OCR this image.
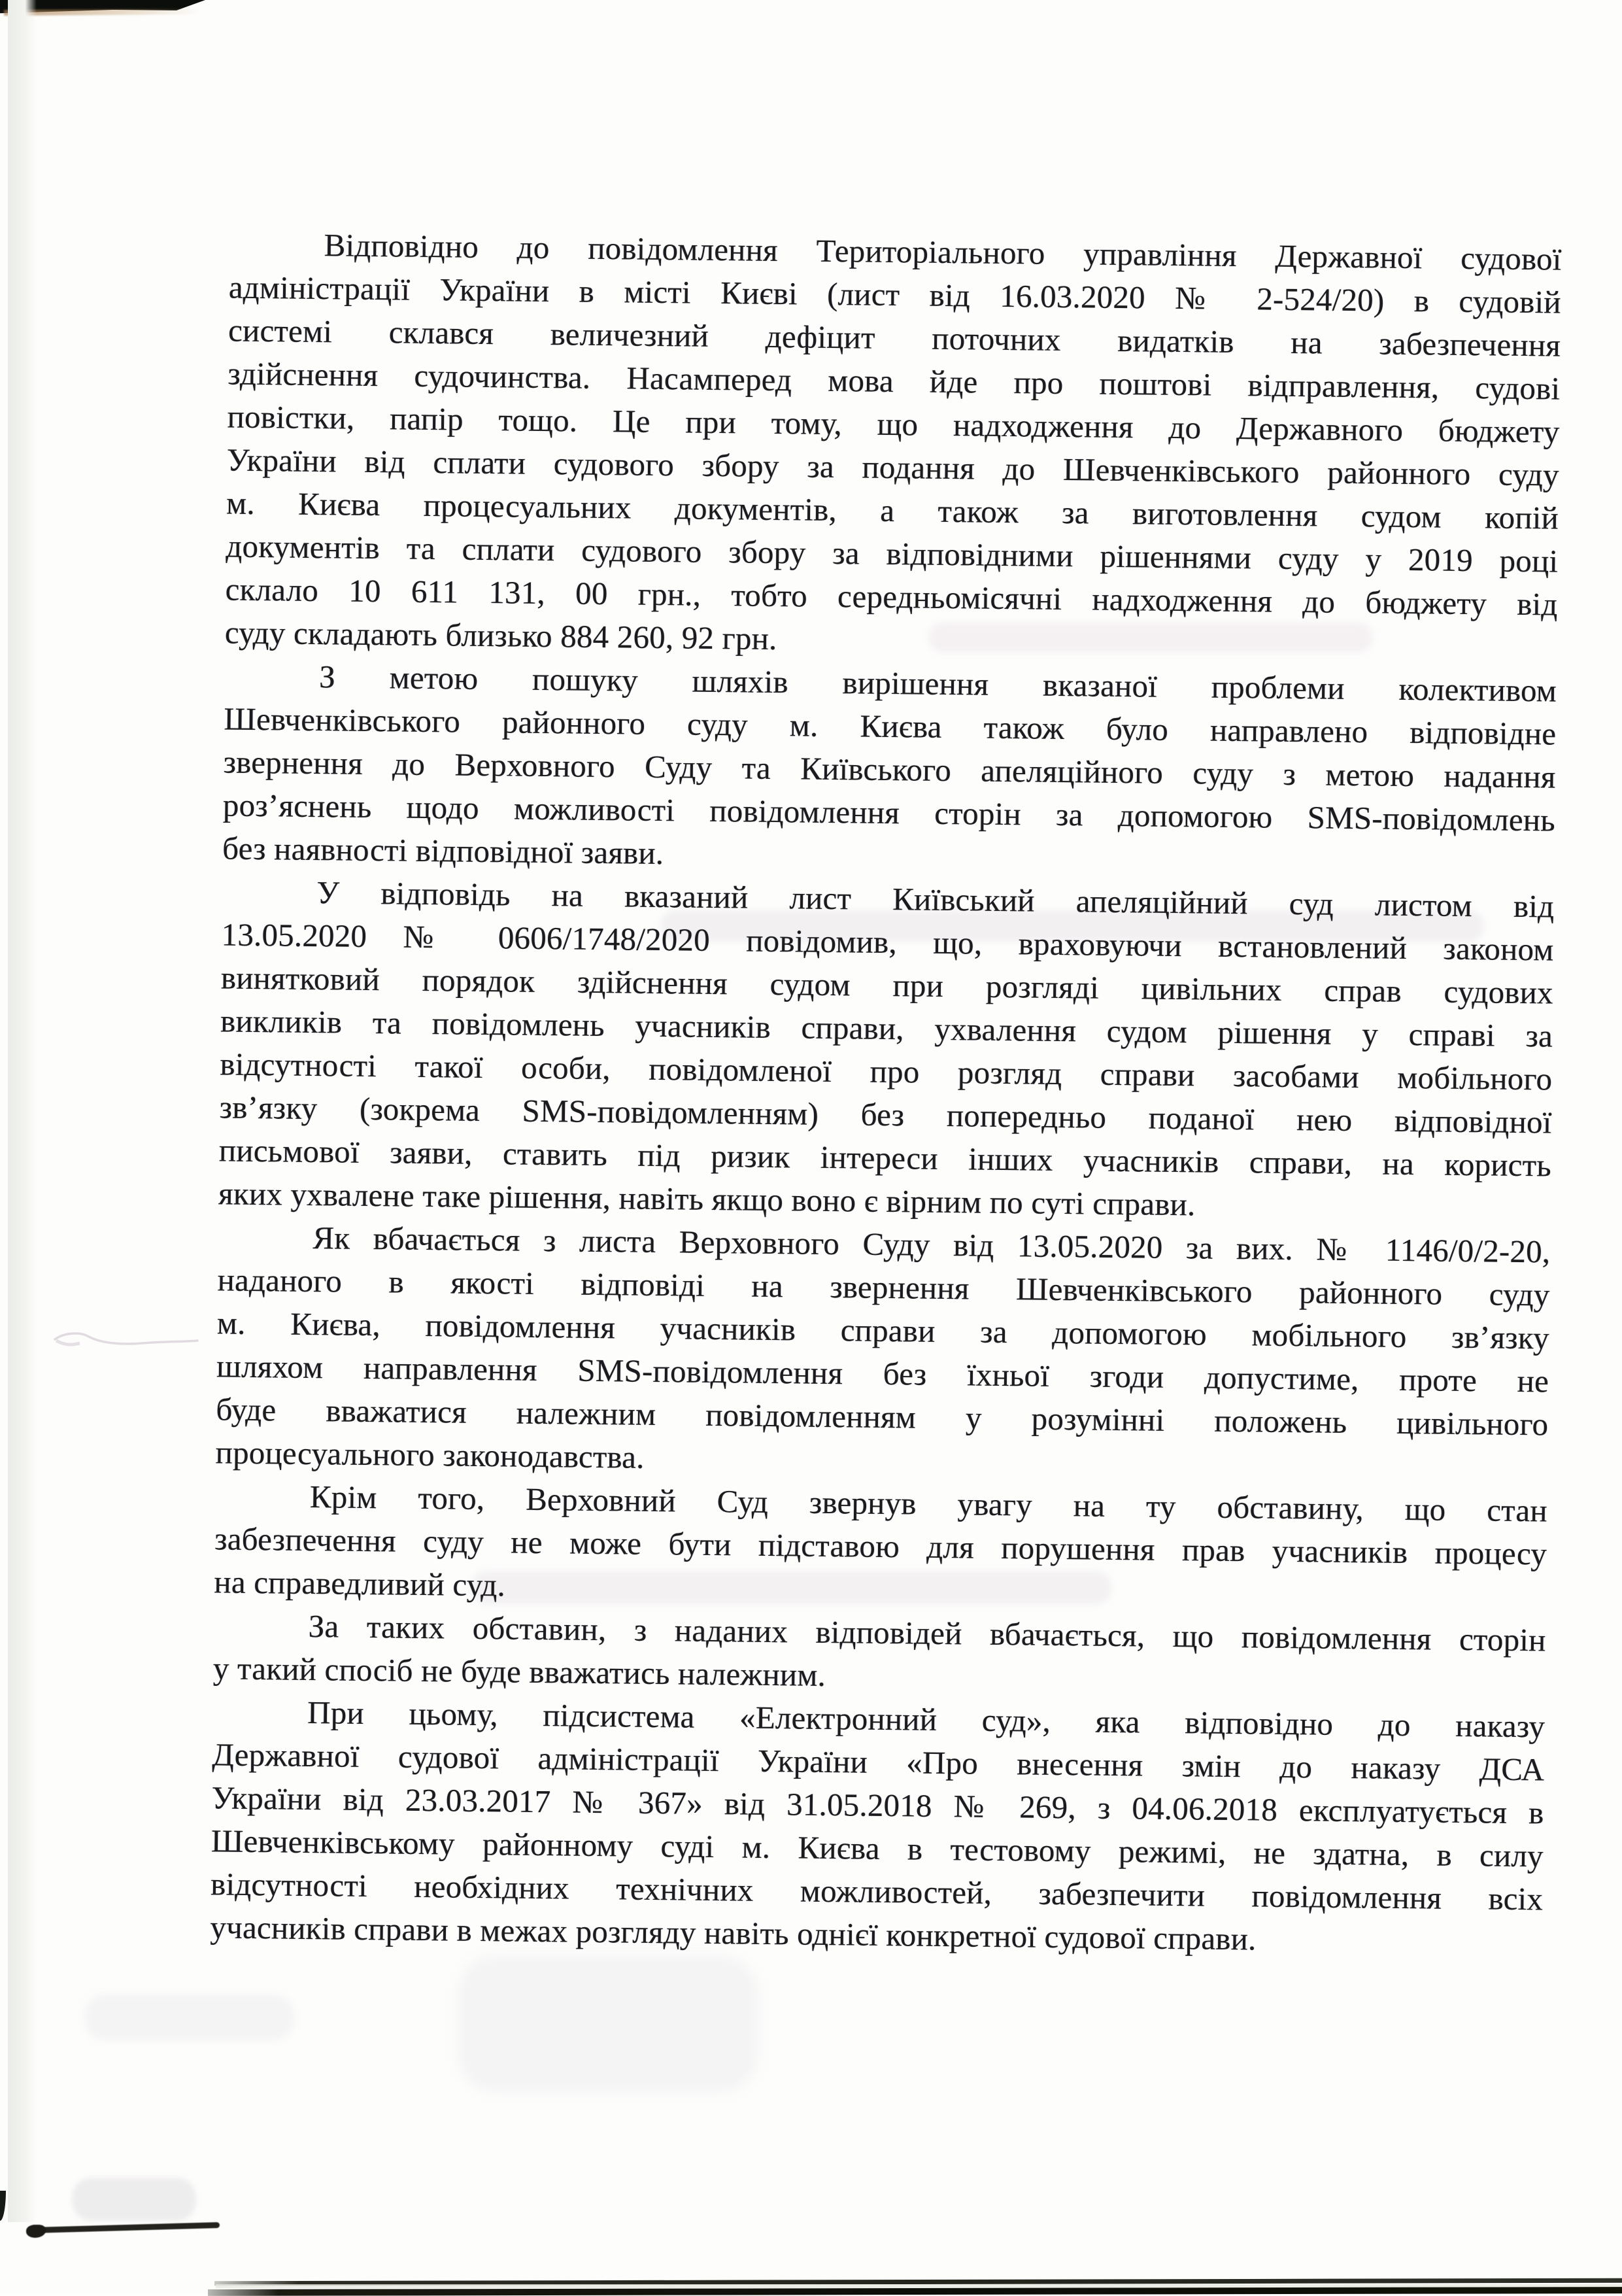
Відповідно до повідомлення Територіального управління Державної судової
адміністрації України в місті Києві (лист від 16.03.2020 № 2-524/20) в судовій
системі склався величезний дефіцит поточних видатків на забезпечення
здійснення судочинства. Насамперед мова йде про поштові відправлення, судові
повістки, папір тощо. Це при тому, що надходження до Державного бюджету
України від сплати судового збору за подання до Шевченківського районного суду
м. Києва процесуальних документів, а також за виготовлення судом копій
документів та сплати судового збору за відповідними рішеннями суду у 2019 році
склало 10 611 131, 00 грн., тобто середньомісячні надходження до бюджету від
суду складають близько 884 260, 92 грн.
З метою пошуку шляхів вирішення вказаної проблеми колективом
Шевченківського районного суду м. Києва також було направлено відповідне
звернення до Верховного Суду та Київського апеляційного суду з метою надання
роз’яснень щодо можливості повідомлення сторін за допомогою SMS-повідомлень
без наявності відповідної заяви.
У відповідь на вказаний лист Київський апеляційний суд листом від
13.05.2020 № 0606/1748/2020 повідомив, що, враховуючи встановлений законом
винятковий порядок здійснення судом при розгляді цивільних справ судових
викликів та повідомлень учасників справи, ухвалення судом рішення у справі за
відсутності такої особи, повідомленої про розгляд справи засобами мобільного
зв’язку (зокрема SMS-повідомленням) без попередньо поданої нею відповідної
письмової заяви, ставить під ризик інтереси інших учасників справи, на користь
яких ухвалене таке рішення, навіть якщо воно є вірним по суті справи.
Як вбачається з листа Верховного Суду від 13.05.2020 за вих. № 1146/0/2-20,
наданого в якості відповіді на звернення Шевченківського районного суду
м. Києва, повідомлення учасників справи за допомогою мобільного зв’язку
шляхом направлення SMS-повідомлення без їхньої згоди допустиме, проте не
буде вважатися належним повідомленням у розумінні положень цивільного
процесуального законодавства.
Крім того, Верховний Суд звернув увагу на ту обставину, що стан
забезпечення суду не може бути підставою для порушення прав учасників процесу
на справедливий суд.
За таких обставин, з наданих відповідей вбачається, що повідомлення сторін
у такий спосіб не буде вважатись належним.
При цьому, підсистема «Електронний суд», яка відповідно до наказу
Державної судової адміністрації України «Про внесення змін до наказу ДСА
України від 23.03.2017 № 367» від 31.05.2018 № 269, з 04.06.2018 експлуатується в
Шевченківському районному суді м. Києва в тестовому режимі, не здатна, в силу
відсутності необхідних технічних можливостей, забезпечити повідомлення всіх
учасників справи в межах розгляду навіть однієї конкретної судової справи.
